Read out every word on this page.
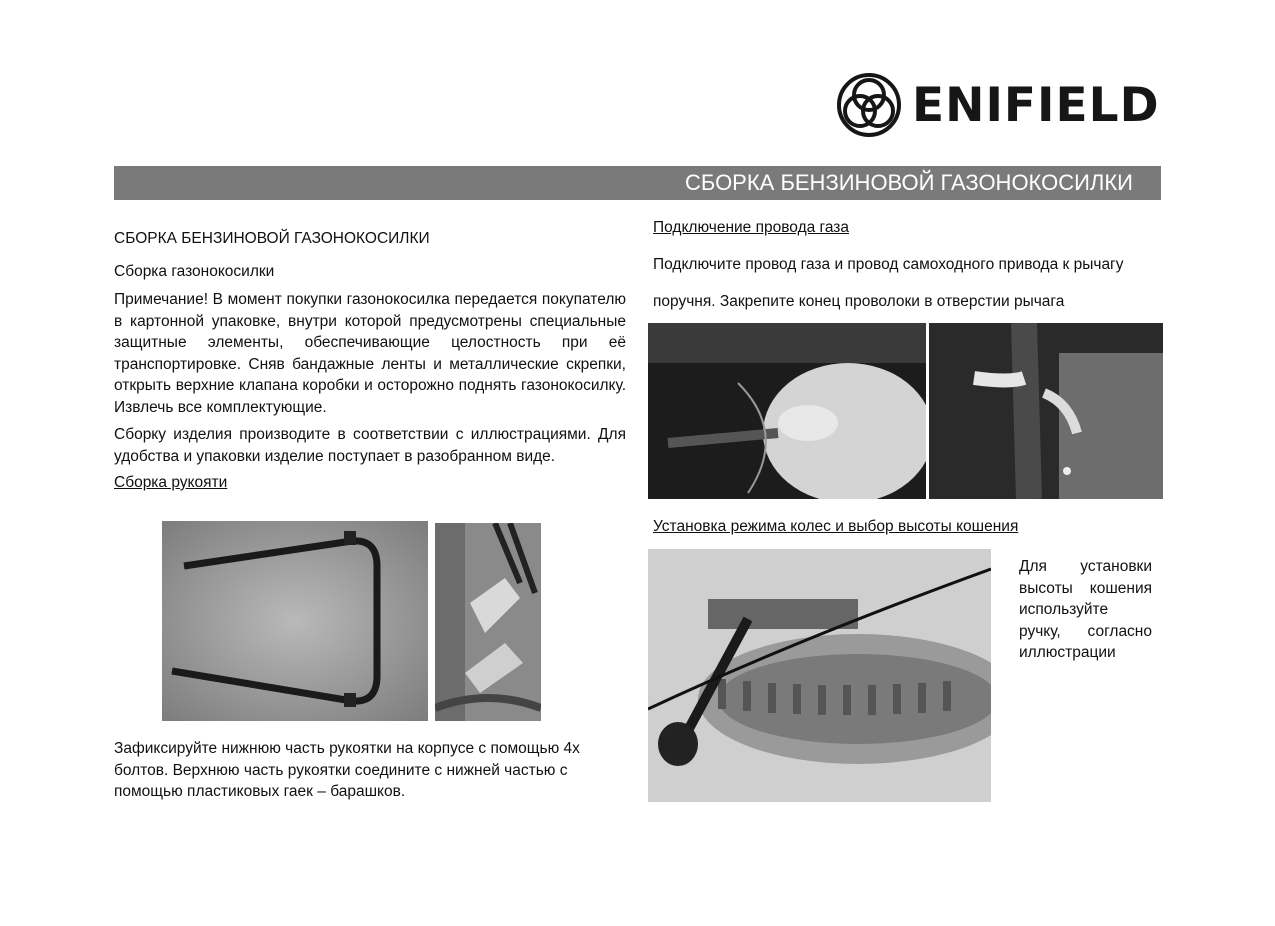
ENIFIELD
СБОРКА БЕНЗИНОВОЙ ГАЗОНОКОСИЛКИ
СБОРКА БЕНЗИНОВОЙ ГАЗОНОКОСИЛКИ
Сборка газонокосилки
Примечание! В момент покупки газонокосилка передается покупателю в картонной упаковке, внутри которой предусмотрены специальные защитные элементы, обеспечивающие целостность при её транспортировке. Сняв бандажные ленты и металлические скрепки, открыть верхние клапана коробки и осторожно поднять газонокосилку. Извлечь все комплектующие.
Сборку изделия производите в соответствии с иллюстрациями. Для удобства и упаковки изделие поступает в разобранном виде.
Сборка рукояти
Зафиксируйте нижнюю часть рукоятки на корпусе с помощью 4х болтов. Верхнюю часть рукоятки соедините с нижней частью с помощью пластиковых гаек – барашков.
Подключение провода газа
Подключите провод газа и провод самоходного привода к рычагу
поручня. Закрепите конец проволоки в отверстии рычага
Установка режима колес и выбор высоты кошения
Для установки высоты кошения используйте ручку, согласно иллюстрации
